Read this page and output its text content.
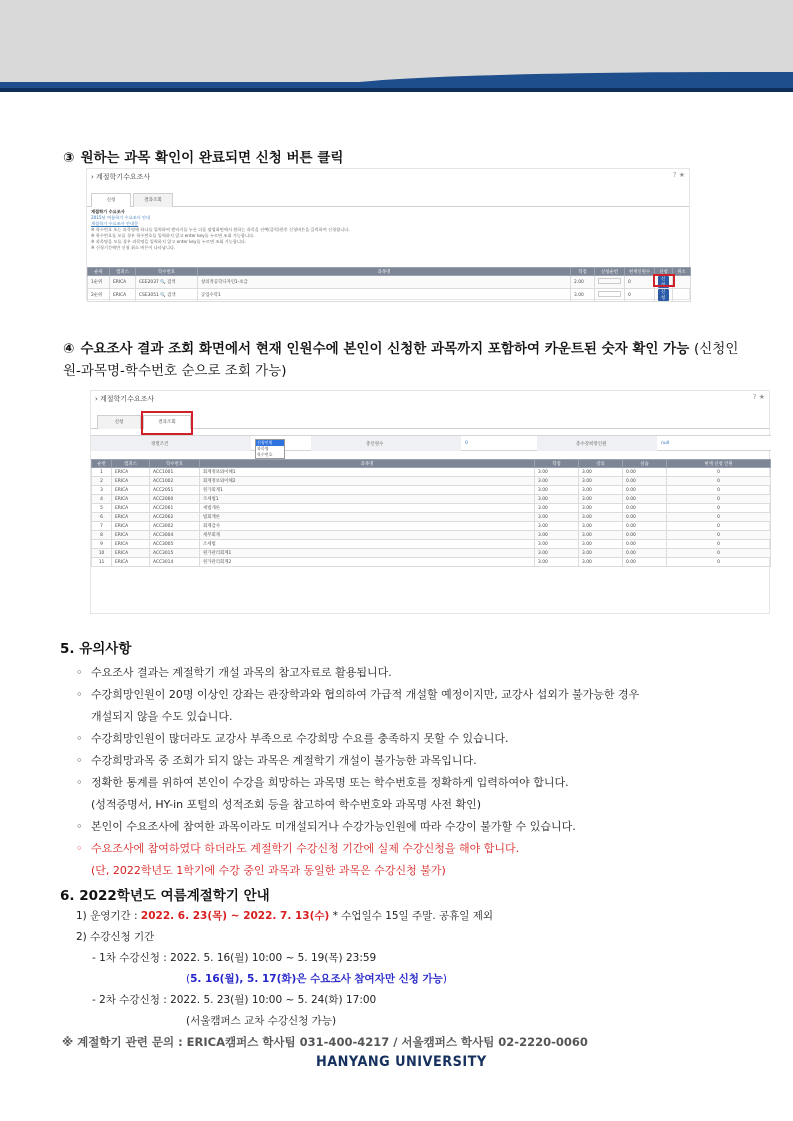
③ 원하는 과목 확인이 완료되면 신청 버튼 클릭
› 계절학기수요조사	? ★
신청	결과조회
계절학기 수요조사
2015년 여름학기 수요조사 안내
계절학기 수요조사 안내문
※ 학수번호 또는 과목명에 하나를 입력하여 엔터키를 누른 다음 팝업화면에서 원하는 과목을 선택(클릭)한후 신청버튼을 클릭하여 신청합니다.
※ 학수번호를 모를 경우 학수번호를 입력하지 않고 enter key를 누르면 조회 가능합니다.
※ 과목명을 모를 경우 과목명을 입력하지 않고 enter key를 누르면 조회 가능합니다.
※ 신청기간에만 신청 취소 버튼이 나타납니다.
순위	캠퍼스	학수번호	과목명	학점	신청순번	현재인원수	신청	취소
1순위	ERICA	CEE2037 🔍 검색	창의적공학디자인1-초급	2.00		0	신청

2순위	ERICA	CSE3051 🔍 검색	공업수학1	3.00		0	신청	
④ 수요조사 결과 조회 화면에서 현재 인원수에 본인이 신청한 과목까지 포함하여 카운트된 숫자 확인 가능 (신청인원-과목명-학수번호 순으로 조회 가능)
› 계절학기수요조사	? ★
신청	결과조회
정렬조건	총인원수	0	총수강희망인원	null
신청인원
과목명
학수번호
순번	캠퍼스	학수번호	과목명	학점	강의	실습	현재 신청 인원
1	ERICA	ACC1001	회계정보와이해1	3.00	3.00	0.00	0
2	ERICA	ACC1002	회계정보와이해2	3.00	3.00	0.00	0
3	ERICA	ACC2051	원가회계1	3.00	3.00	0.00	0
4	ERICA	ACC2060	조세법1	3.00	3.00	0.00	0
5	ERICA	ACC2061	세법개론	3.00	3.00	0.00	0
6	ERICA	ACC2062	법회계론	3.00	3.00	0.00	0
7	ERICA	ACC3002	회계감사	3.00	3.00	0.00	0
8	ERICA	ACC3004	세무회계	3.00	3.00	0.00	0
9	ERICA	ACC3005	조세법	3.00	3.00	0.00	0
10	ERICA	ACC3015	원가관리회계1	3.00	3.00	0.00	0
11	ERICA	ACC3014	원가관리회계2	3.00	3.00	0.00	0
5. 유의사항
◦ 수요조사 결과는 계절학기 개설 과목의 참고자료로 활용됩니다.
◦ 수강희망인원이 20명 이상인 강좌는 관장학과와 협의하여 가급적 개설할 예정이지만, 교강사 섭외가 불가능한 경우
개설되지 않을 수도 있습니다.
◦ 수강희망인원이 많더라도 교강사 부족으로 수강희망 수요를 충족하지 못할 수 있습니다.
◦ 수강희망과목 중 조회가 되지 않는 과목은 계절학기 개설이 불가능한 과목입니다.
◦ 정확한 통계를 위하여 본인이 수강을 희망하는 과목명 또는 학수번호를 정확하게 입력하여야 합니다.
(성적증명서, HY-in 포털의 성적조회 등을 참고하여 학수번호와 과목명 사전 확인)
◦ 본인이 수요조사에 참여한 과목이라도 미개설되거나 수강가능인원에 따라 수강이 불가할 수 있습니다.
◦ 수요조사에 참여하였다 하더라도 계절학기 수강신청 기간에 실제 수강신청을 해야 합니다.
(단, 2022학년도 1학기에 수강 중인 과목과 동일한 과목은 수강신청 불가)
6. 2022학년도 여름계절학기 안내
1) 운영기간 : 2022. 6. 23(목) ~ 2022. 7. 13(수) * 수업일수 15일 주말. 공휴일 제외
2) 수강신청 기간
- 1차 수강신청 : 2022. 5. 16(월) 10:00 ~ 5. 19(목) 23:59
(5. 16(월), 5. 17(화)은 수요조사 참여자만 신청 가능)
- 2차 수강신청 : 2022. 5. 23(월) 10:00 ~ 5. 24(화) 17:00
(서울캠퍼스 교차 수강신청 가능)
※ 계절학기 관련 문의 : ERICA캠퍼스 학사팀 031-400-4217 / 서울캠퍼스 학사팀 02-2220-0060
HANYANG UNIVERSITY
